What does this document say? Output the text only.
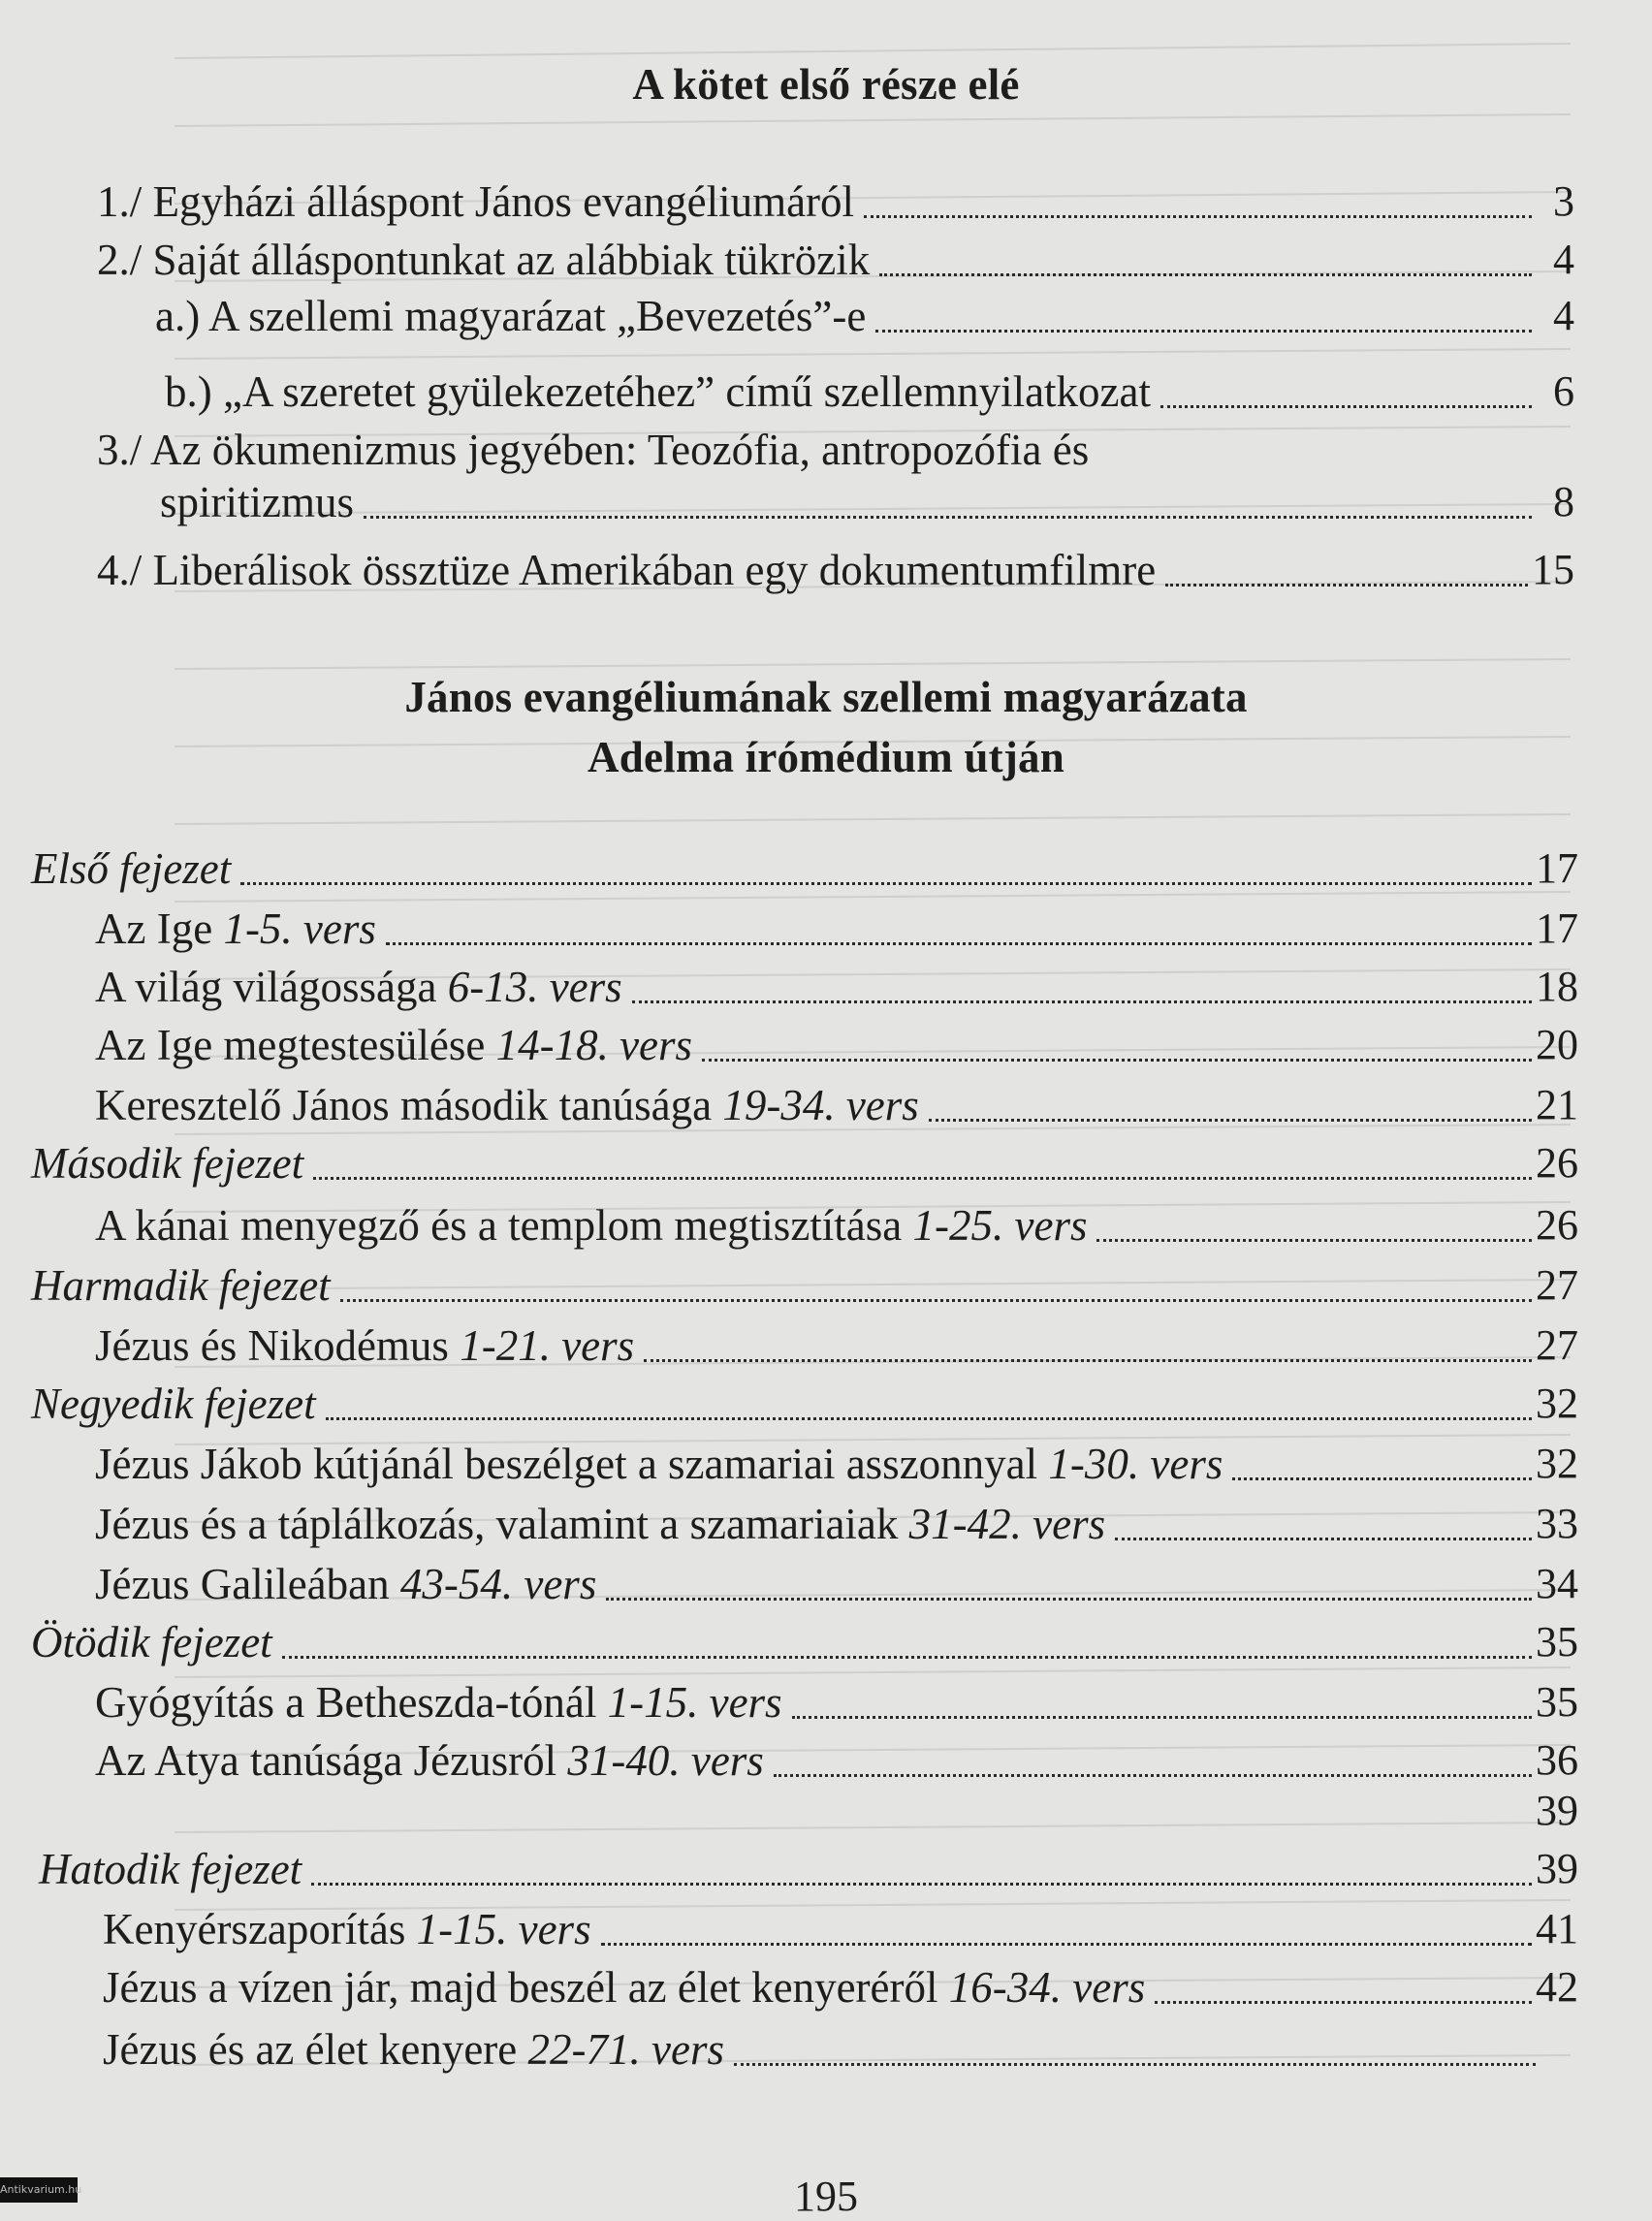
A kötet első része elé
1./ Egyházi álláspont János evangéliumáról	3
2./ Saját álláspontunkat az alábbiak tükrözik	4
a.) A szellemi magyarázat „Bevezetés”-e	4
b.) „A szeretet gyülekezetéhez” című szellemnyilatkozat	6
3./ Az ökumenizmus jegyében: Teozófia, antropozófia és
spiritizmus	8
4./ Liberálisok össztüze Amerikában egy dokumentumfilmre	15
János evangéliumának szellemi magyarázata
Adelma írómédium útján
Első fejezet	17
Az Ige 1-5. vers	17
A világ világossága 6-13. vers	18
Az Ige megtestesülése 14-18. vers	20
Keresztelő János második tanúsága 19-34. vers	21
Második fejezet	26
A kánai menyegző és a templom megtisztítása 1-25. vers	26
Harmadik fejezet	27
Jézus és Nikodémus 1-21. vers	27
Negyedik fejezet	32
Jézus Jákob kútjánál beszélget a szamariai asszonnyal 1-30. vers	32
Jézus és a táplálkozás, valamint a szamariaiak 31-42. vers	33
Jézus Galileában 43-54. vers	34
Ötödik fejezet	35
Gyógyítás a Betheszda-tónál 1-15. vers	35
Az Atya tanúsága Jézusról 31-40. vers	36
39
Hatodik fejezet	39
Kenyérszaporítás 1-15. vers	41
Jézus a vízen jár, majd beszél az élet kenyeréről 16-34. vers	42
Jézus és az élet kenyere 22-71. vers
195
Antikvarium.hu
